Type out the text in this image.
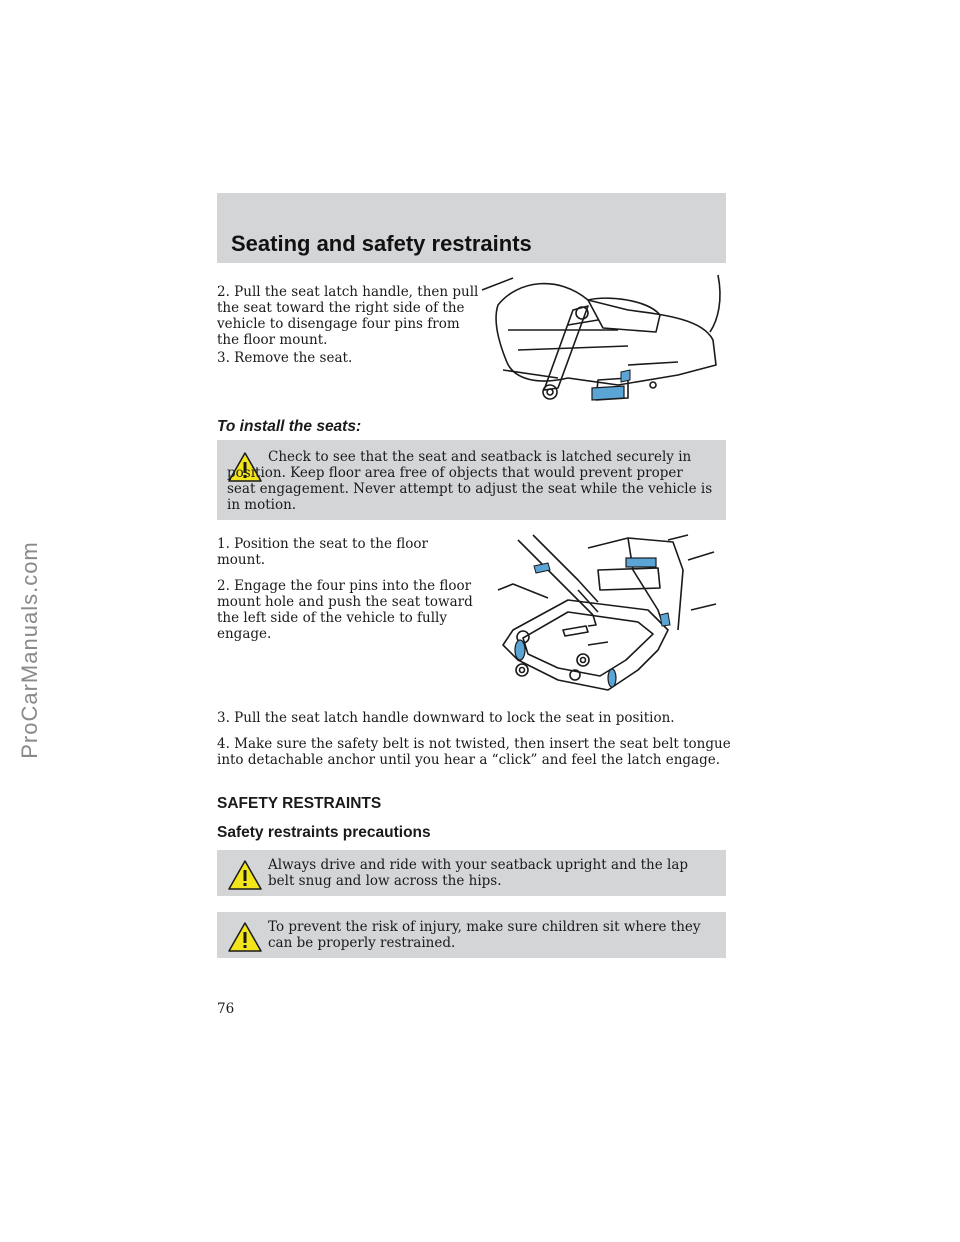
Seating and safety restraints

2. Pull the seat latch handle, then pull the seat toward the right side of the vehicle to disengage four pins from the floor mount.

3. Remove the seat.

To install the seats:

Check to see that the seat and seatback is latched securely in position. Keep floor area free of objects that would prevent proper seat engagement. Never attempt to adjust the seat while the vehicle is in motion.

1. Position the seat to the floor mount.

2. Engage the four pins into the floor mount hole and push the seat toward the left side of the vehicle to fully engage.

3. Pull the seat latch handle downward to lock the seat in position.

4. Make sure the safety belt is not twisted, then insert the seat belt tongue into detachable anchor until you hear a “click” and feel the latch engage.

SAFETY RESTRAINTS
Safety restraints precautions

Always drive and ride with your seatback upright and the lap belt snug and low across the hips.

To prevent the risk of injury, make sure children sit where they can be properly restrained.

76

ProCarManuals.com
